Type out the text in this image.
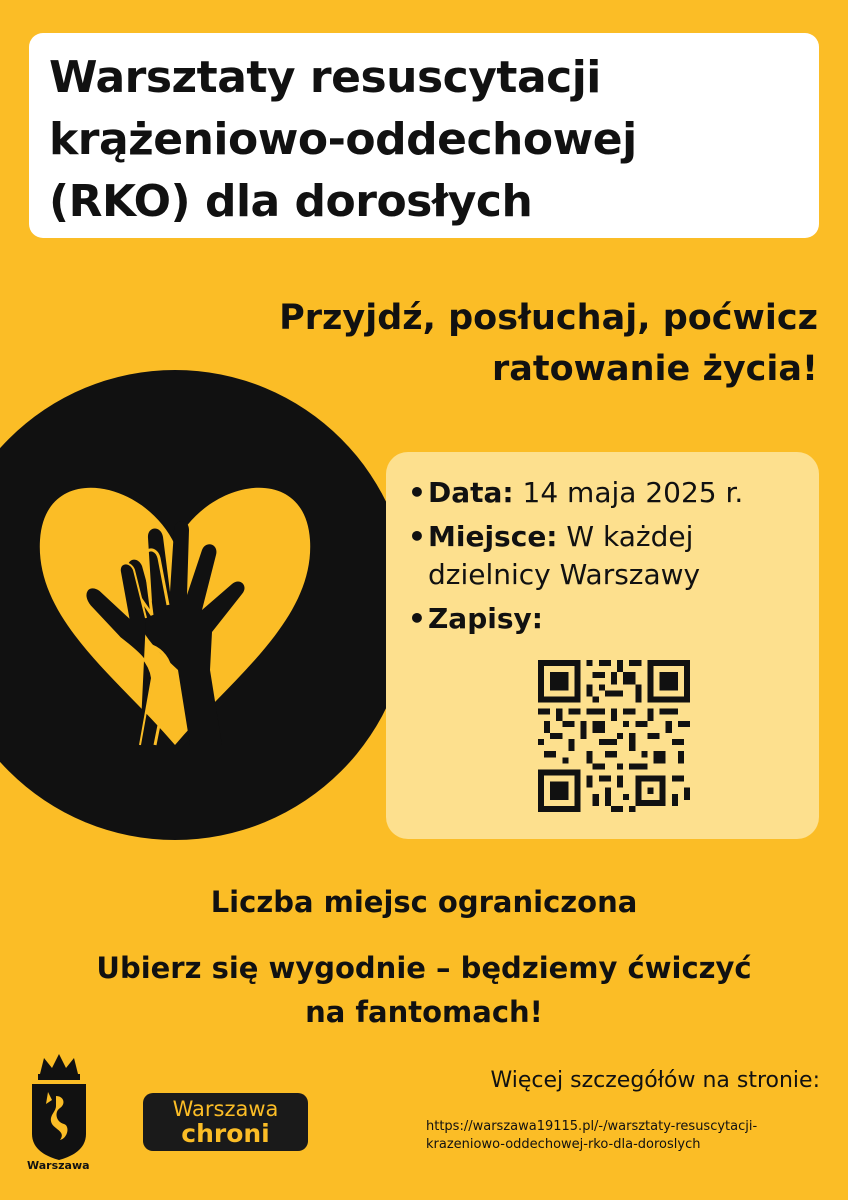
Warsztaty resuscytacji
krążeniowo-oddechowej
(RKO) dla dorosłych
Przyjdź, posłuchaj, poćwicz
ratowanie życia!
• Data: 14 maja 2025 r.
• Miejsce: W każdej
dzielnicy Warszawy
• Zapisy:
Liczba miejsc ograniczona
Ubierz się wygodnie – będziemy ćwiczyć
na fantomach!
Warszawa
Warszawa
chroni
Więcej szczegółów na stronie:
https://warszawa19115.pl/-/warsztaty-resuscytacji-
krazeniowo-oddechowej-rko-dla-doroslych
